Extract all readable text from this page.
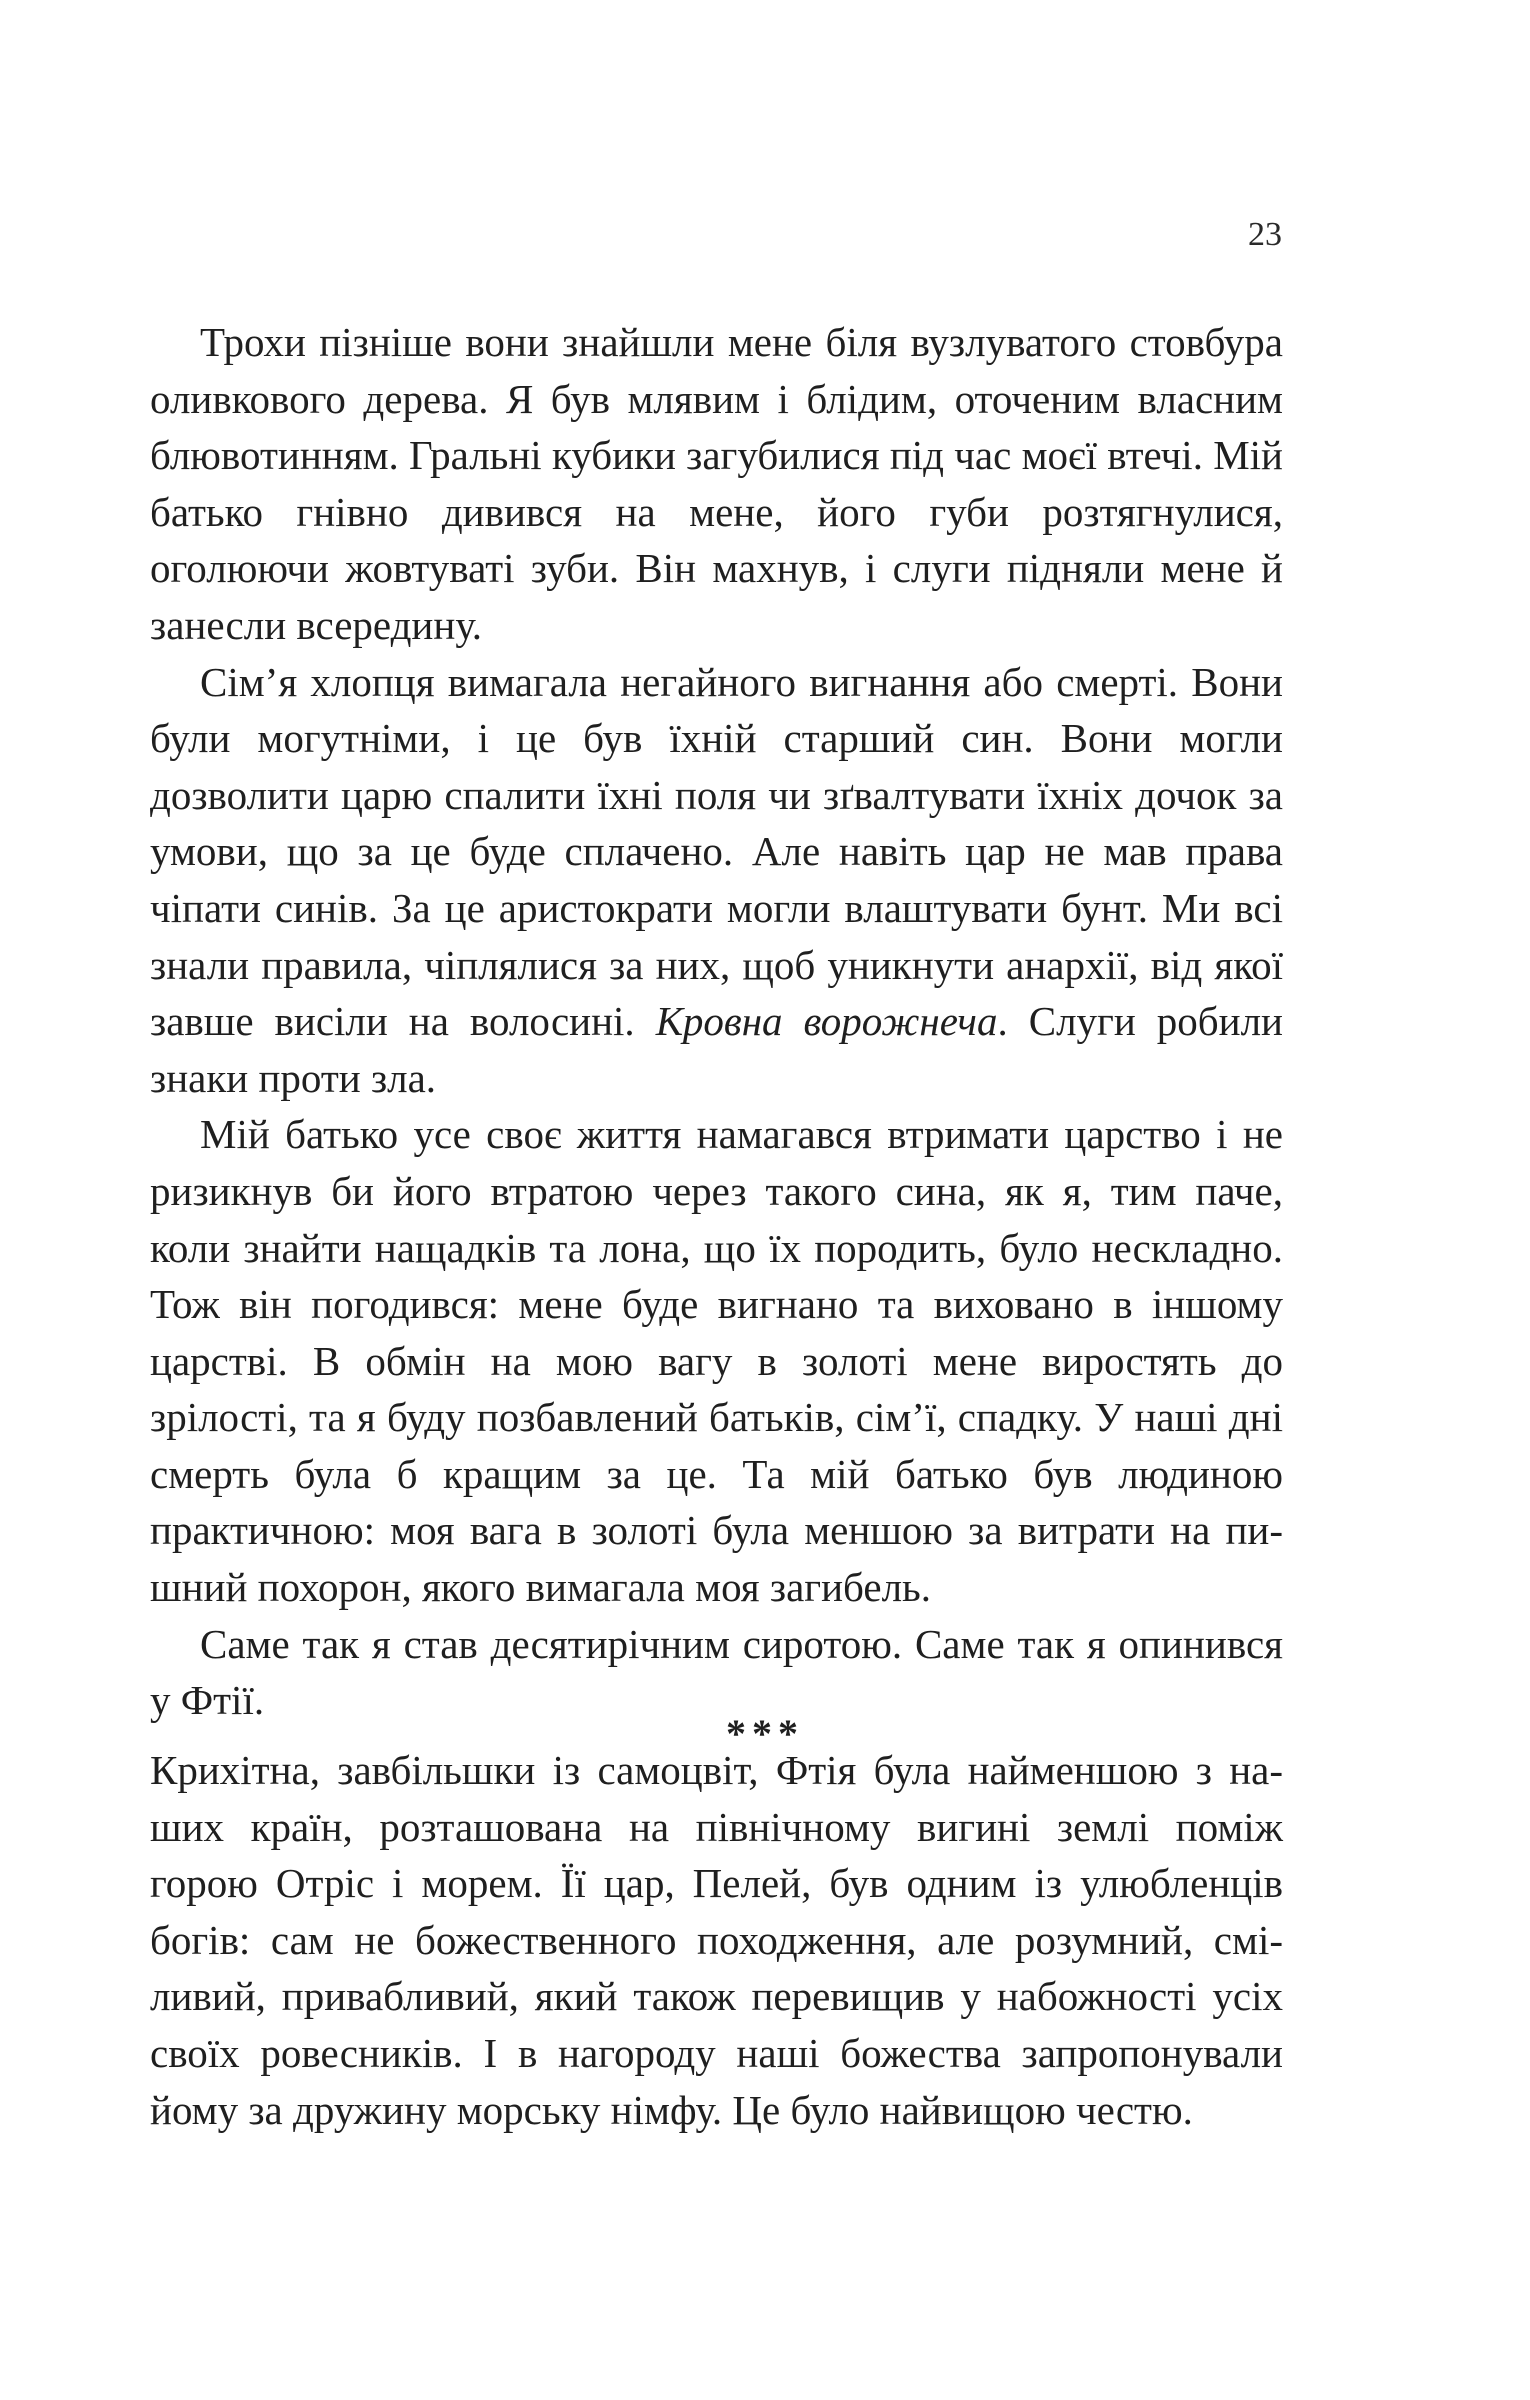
23

Трохи пізніше вони знайшли мене біля вузлуватого стовбура оливкового дерева. Я був млявим і блідим, оточеним власним блювотинням. Гральні кубики загубилися під час моєї втечі. Мій батько гнівно дивився на мене, його губи розтягнулися, оголюючи жовтуваті зуби. Він махнув, і слуги підняли мене й занесли всередину.

Сім’я хлопця вимагала негайного вигнання або смерті. Вони були могутніми, і це був їхній старший син. Вони могли дозволити царю спалити їхні поля чи зґвалтувати їхніх дочок за умови, що за це буде сплачено. Але навіть цар не мав права чіпати синів. За це аристократи могли влаштувати бунт. Ми всі знали правила, чіплялися за них, щоб уникнути анархії, від якої завше висіли на волосині. Кровна ворожнеча. Слуги робили знаки проти зла.

Мій батько усе своє життя намагався втримати царство і не ризикнув би його втратою через такого сина, як я, тим паче, коли знайти нащадків та лона, що їх породить, було нескладно. Тож він погодився: мене буде вигнано та виховано в іншому царстві. В обмін на мою вагу в золоті мене виростять до зрілості, та я буду позбавлений батьків, сім’ї, спадку. У наші дні смерть була б кращим за це. Та мій батько був людиною практичною: моя вага в золоті була меншою за витрати на пишний похорон, якого вимагала моя загибель.

Саме так я став десятирічним сиротою. Саме так я опинився у Фтії.

***

Крихітна, завбільшки із самоцвіт, Фтія була найменшою з наших країн, розташована на північному вигині землі поміж горою Отріс і морем. Її цар, Пелей, був одним із улюбленців богів: сам не божественного походження, але розумний, сміливий, привабливий, який також перевищив у набожності усіх своїх ровесників. І в нагороду наші божества запропонували йому за дружину морську німфу. Це було найвищою честю.
